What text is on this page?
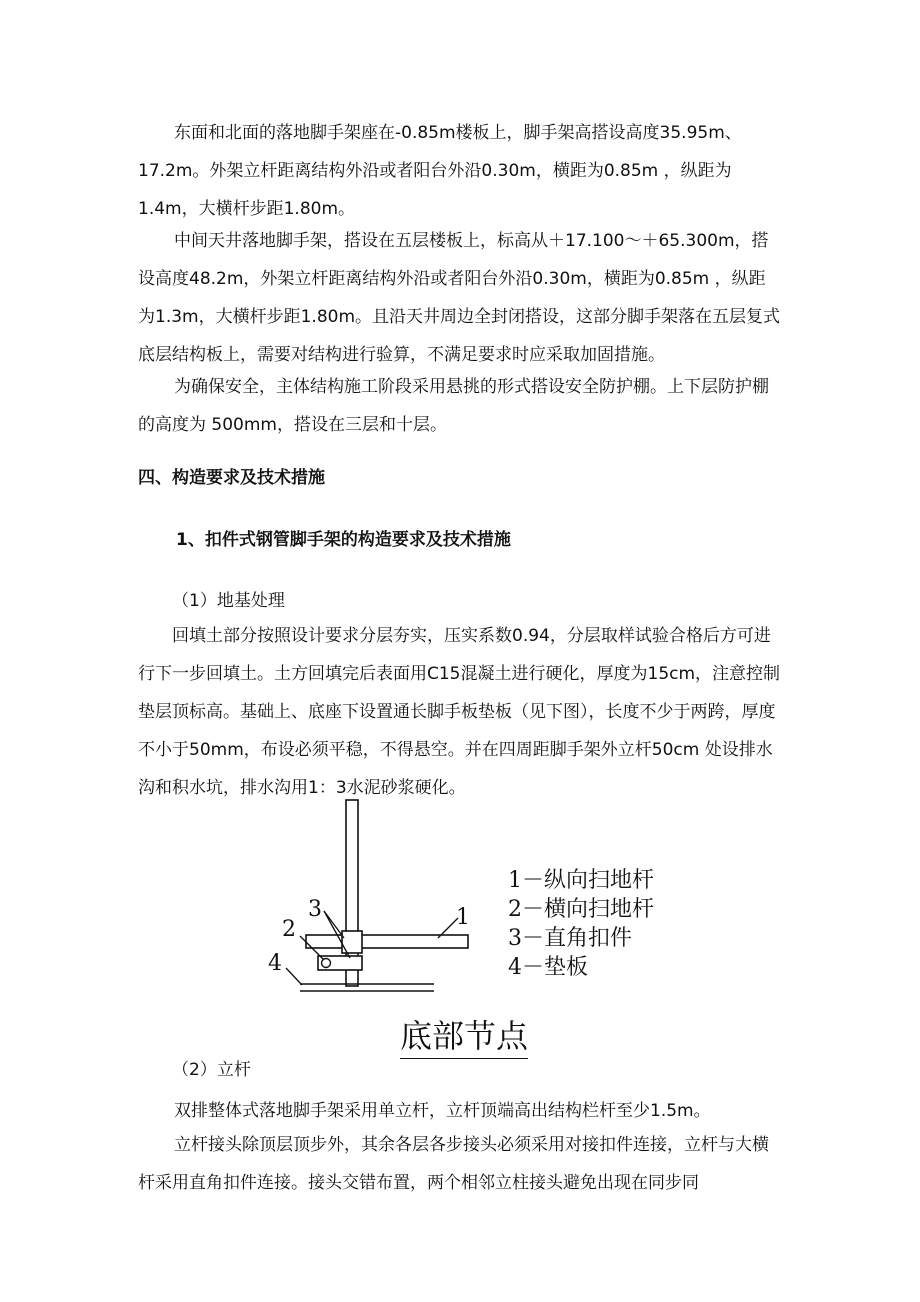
东面和北面的落地脚手架座在-0.85m楼板上，脚手架高搭设高度35.95m、17.2m。外架立杆距离结构外沿或者阳台外沿0.30m，横距为0.85m ，纵距为1.4m，大横杆步距1.80m。

中间天井落地脚手架，搭设在五层楼板上，标高从＋17.100～＋65.300m，搭设高度48.2m，外架立杆距离结构外沿或者阳台外沿0.30m，横距为0.85m ，纵距为1.3m，大横杆步距1.80m。且沿天井周边全封闭搭设，这部分脚手架落在五层复式底层结构板上，需要对结构进行验算，不满足要求时应采取加固措施。

为确保安全，主体结构施工阶段采用悬挑的形式搭设安全防护棚。上下层防护棚的高度为 500mm，搭设在三层和十层。

四、构造要求及技术措施
1、扣件式钢管脚手架的构造要求及技术措施

（1）地基处理

回填土部分按照设计要求分层夯实，压实系数0.94，分层取样试验合格后方可进行下一步回填土。土方回填完后表面用C15混凝土进行硬化，厚度为15cm，注意控制垫层顶标高。基础上、底座下设置通长脚手板垫板（见下图），长度不少于两跨，厚度不小于50mm，布设必须平稳，不得悬空。并在四周距脚手架外立杆50cm 处设排水沟和积水坑，排水沟用1：3水泥砂浆硬化。

3
2	1
4
1－纵向扫地杆
2－横向扫地杆
3－直角扣件
4－垫板
底部节点

（2）立杆

双排整体式落地脚手架采用单立杆，立杆顶端高出结构栏杆至少1.5m。

立杆接头除顶层顶步外，其余各层各步接头必须采用对接扣件连接，立杆与大横杆采用直角扣件连接。接头交错布置，两个相邻立柱接头避免出现在同步同
